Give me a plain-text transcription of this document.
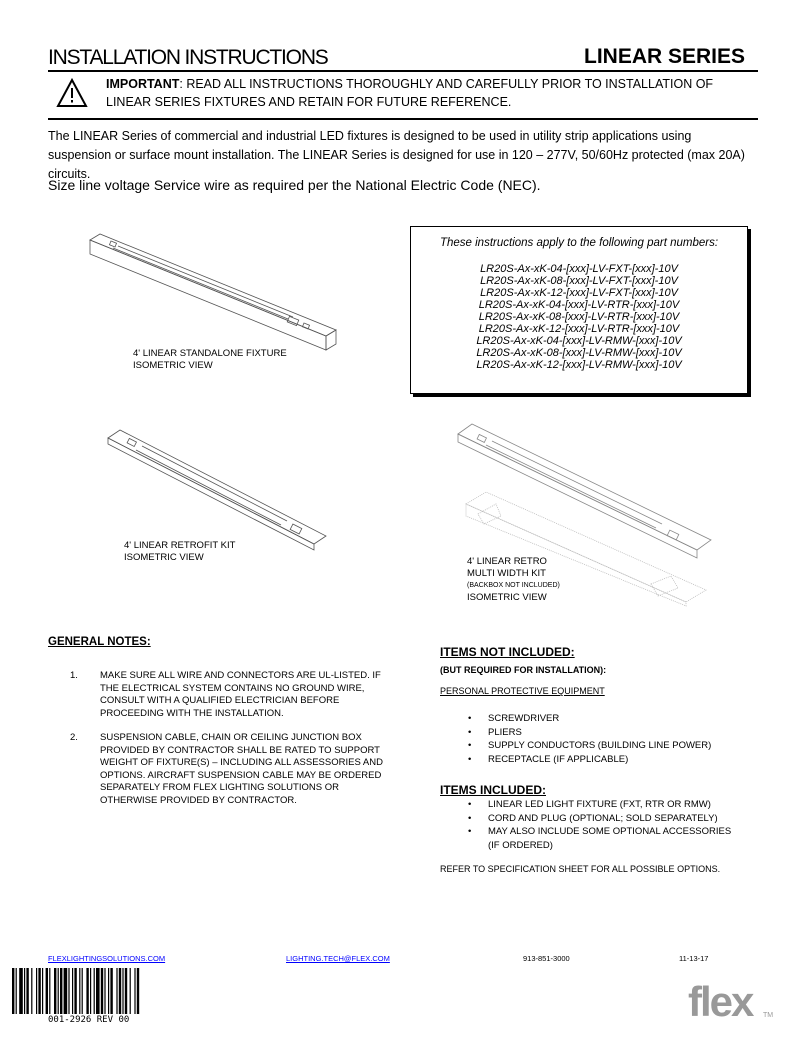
INSTALLATION INSTRUCTIONS	LINEAR SERIES
IMPORTANT: READ ALL INSTRUCTIONS THOROUGHLY AND CAREFULLY PRIOR TO INSTALLATION OF LINEAR SERIES FIXTURES AND RETAIN FOR FUTURE REFERENCE.
The LINEAR Series of commercial and industrial LED fixtures is designed to be used in utility strip applications using suspension or surface mount installation. The LINEAR Series is designed for use in 120 – 277V, 50/60Hz protected (max 20A) circuits.
Size line voltage Service wire as required per the National Electric Code (NEC).
4' LINEAR STANDALONE FIXTURE
ISOMETRIC VIEW
These instructions apply to the following part numbers:
LR20S-Ax-xK-04-[xxx]-LV-FXT-[xxx]-10V
LR20S-Ax-xK-08-[xxx]-LV-FXT-[xxx]-10V
LR20S-Ax-xK-12-[xxx]-LV-FXT-[xxx]-10V
LR20S-Ax-xK-04-[xxx]-LV-RTR-[xxx]-10V
LR20S-Ax-xK-08-[xxx]-LV-RTR-[xxx]-10V
LR20S-Ax-xK-12-[xxx]-LV-RTR-[xxx]-10V
LR20S-Ax-xK-04-[xxx]-LV-RMW-[xxx]-10V
LR20S-Ax-xK-08-[xxx]-LV-RMW-[xxx]-10V
LR20S-Ax-xK-12-[xxx]-LV-RMW-[xxx]-10V
4' LINEAR RETROFIT KIT
ISOMETRIC VIEW	4' LINEAR RETRO
MULTI WIDTH KIT
(BACKBOX NOT INCLUDED)
ISOMETRIC VIEW
GENERAL NOTES:
1. MAKE SURE ALL WIRE AND CONNECTORS ARE UL-LISTED. IF THE ELECTRICAL SYSTEM CONTAINS NO GROUND WIRE, CONSULT WITH A QUALIFIED ELECTRICIAN BEFORE PROCEEDING WITH THE INSTALLATION.
2. SUSPENSION CABLE, CHAIN OR CEILING JUNCTION BOX PROVIDED BY CONTRACTOR SHALL BE RATED TO SUPPORT WEIGHT OF FIXTURE(S) – INCLUDING ALL ASSESSORIES AND OPTIONS. AIRCRAFT SUSPENSION CABLE MAY BE ORDERED SEPARATELY FROM FLEX LIGHTING SOLUTIONS OR OTHERWISE PROVIDED BY CONTRACTOR.
ITEMS NOT INCLUDED:
(BUT REQUIRED FOR INSTALLATION):
PERSONAL PROTECTIVE EQUIPMENT
• SCREWDRIVER
• PLIERS
• SUPPLY CONDUCTORS (BUILDING LINE POWER)
• RECEPTACLE (IF APPLICABLE)
ITEMS INCLUDED:
• LINEAR LED LIGHT FIXTURE (FXT, RTR OR RMW)
• CORD AND PLUG (OPTIONAL; SOLD SEPARATELY)
• MAY ALSO INCLUDE SOME OPTIONAL ACCESSORIES (IF ORDERED)
REFER TO SPECIFICATION SHEET FOR ALL POSSIBLE OPTIONS.
FLEXLIGHTINGSOLUTIONS.COM	LIGHTING.TECH@FLEX.COM	913-851-3000	11-13-17
001-2926 REV 00	flex TM
